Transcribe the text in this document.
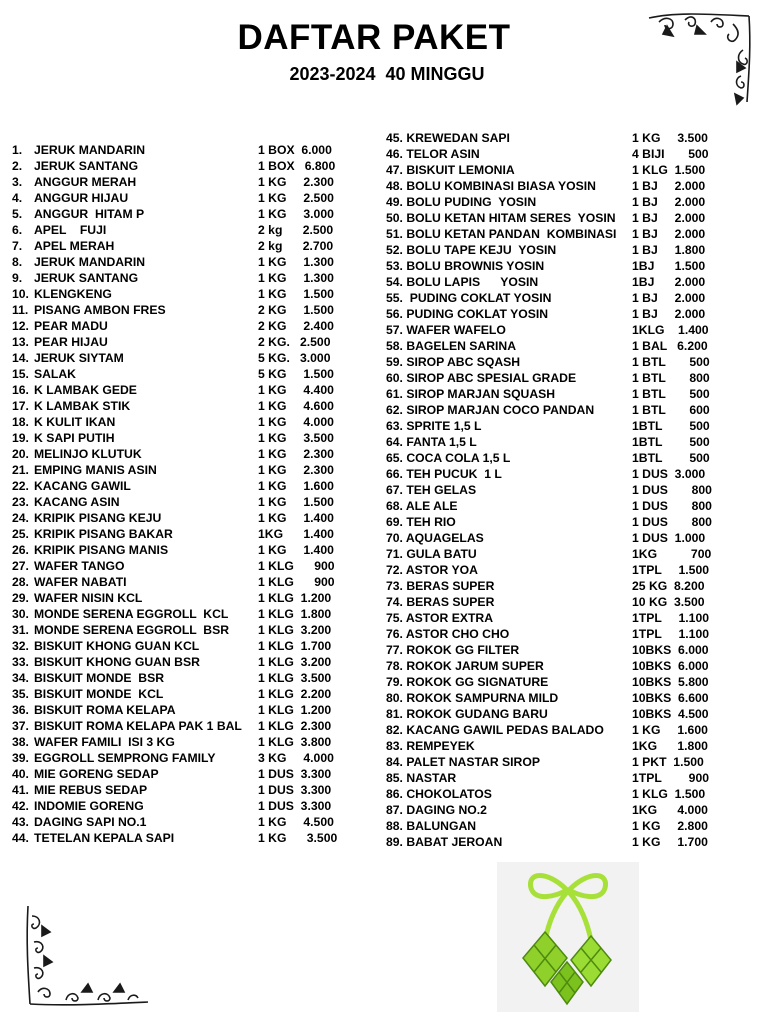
DAFTAR PAKET
2023-2024  40 MINGGU
1. JERUK MANDARIN	1 BOX  6.000
2. JERUK SANTANG	1 BOX   6.800
3. ANGGUR MERAH	1 KG     2.300
4. ANGGUR HIJAU	1 KG     2.500
5. ANGGUR  HITAM P	1 KG     3.000
6. APEL    FUJI	2 kg      2.500
7. APEL MERAH	2 kg      2.700
8. JERUK MANDARIN	1 KG     1.300
9. JERUK SANTANG	1 KG     1.300
10. KLENGKENG	1 KG     1.500
11. PISANG AMBON FRES	2 KG     1.500
12. PEAR MADU	2 KG     2.400
13. PEAR HIJAU	2 KG.   2.500
14. JERUK SIYTAM	5 KG.   3.000
15. SALAK	5 KG     1.500
16. K LAMBAK GEDE	1 KG     4.400
17. K LAMBAK STIK	1 KG     4.600
18. K KULIT IKAN	1 KG     4.000
19. K SAPI PUTIH	1 KG     3.500
20. MELINJO KLUTUK	1 KG     2.300
21. EMPING MANIS ASIN	1 KG     2.300
22. KACANG GAWIL	1 KG     1.600
23. KACANG ASIN	1 KG     1.500
24. KRIPIK PISANG KEJU	1 KG     1.400
25. KRIPIK PISANG BAKAR	1KG      1.400
26. KRIPIK PISANG MANIS	1 KG     1.400
27. WAFER TANGO	1 KLG      900
28. WAFER NABATI	1 KLG      900
29. WAFER NISIN KCL	1 KLG  1.200
30. MONDE SERENA EGGROLL  KCL 1 KLG  1.800
31. MONDE SERENA EGGROLL  BSR 1 KLG  3.200
32. BISKUIT KHONG GUAN KCL	1 KLG  1.700
33. BISKUIT KHONG GUAN BSR	1 KLG  3.200
34. BISKUIT MONDE  BSR	1 KLG  3.500
35. BISKUIT MONDE  KCL	1 KLG  2.200
36. BISKUIT ROMA KELAPA	1 KLG  1.200
37. BISKUIT ROMA KELAPA PAK 1 BAL 1 KLG  2.300
38. WAFER FAMILI  ISI 3 KG	1 KLG  3.800
39. EGGROLL SEMPRONG FAMILY	3 KG     4.000
40. MIE GORENG SEDAP	1 DUS  3.300
41. MIE REBUS SEDAP	1 DUS  3.300
42. INDOMIE GORENG	1 DUS  3.300
43. DAGING SAPI NO.1	1 KG     4.500
44. TETELAN KEPALA SAPI	1 KG      3.500
45. KREWEDAN SAPI	1 KG     3.500
46. TELOR ASIN	4 BIJI       500
47. BISKUIT LEMONIA	1 KLG  1.500
48. BOLU KOMBINASI BIASA YOSIN	1 BJ     2.000
49. BOLU PUDING  YOSIN	1 BJ     2.000
50. BOLU KETAN HITAM SERES  YOSIN 1 BJ     2.000
51. BOLU KETAN PANDAN  KOMBINASI 1 BJ     2.000
52. BOLU TAPE KEJU  YOSIN	1 BJ     1.800
53. BOLU BROWNIS YOSIN	1BJ      1.500
54. BOLU LAPIS      YOSIN	1BJ      2.000
55.  PUDING COKLAT YOSIN	1 BJ     2.000
56. PUDING COKLAT YOSIN	1 BJ     2.000
57. WAFER WAFELO	1KLG    1.400
58. BAGELEN SARINA	1 BAL   6.200
59. SIROP ABC SQASH	1 BTL       500
60. SIROP ABC SPESIAL GRADE	1 BTL       800
61. SIROP MARJAN SQUASH	1 BTL       500
62. SIROP MARJAN COCO PANDAN	1 BTL       600
63. SPRITE 1,5 L	1BTL        500
64. FANTA 1,5 L	1BTL        500
65. COCA COLA 1,5 L	1BTL        500
66. TEH PUCUK  1 L	1 DUS  3.000
67. TEH GELAS	1 DUS       800
68. ALE ALE	1 DUS       800
69. TEH RIO	1 DUS       800
70. AQUAGELAS	1 DUS  1.000
71. GULA BATU	1KG          700
72. ASTOR YOA	1TPL     1.500
73. BERAS SUPER	25 KG  8.200
74. BERAS SUPER	10 KG  3.500
75. ASTOR EXTRA	1TPL     1.100
76. ASTOR CHO CHO	1TPL     1.100
77. ROKOK GG FILTER	10BKS  6.000
78. ROKOK JARUM SUPER	10BKS  6.000
79. ROKOK GG SIGNATURE	10BKS  5.800
80. ROKOK SAMPURNA MILD	10BKS  6.600
81. ROKOK GUDANG BARU	10BKS  4.500
82. KACANG GAWIL PEDAS BALADO 1 KG     1.600
83. REMPEYEK	1KG      1.800
84. PALET NASTAR SIROP	1 PKT  1.500
85. NASTAR	1TPL        900
86. CHOKOLATOS	1 KLG  1.500
87. DAGING NO.2	1KG      4.000
88. BALUNGAN	1 KG     2.800
89. BABAT JEROAN	1 KG     1.700
